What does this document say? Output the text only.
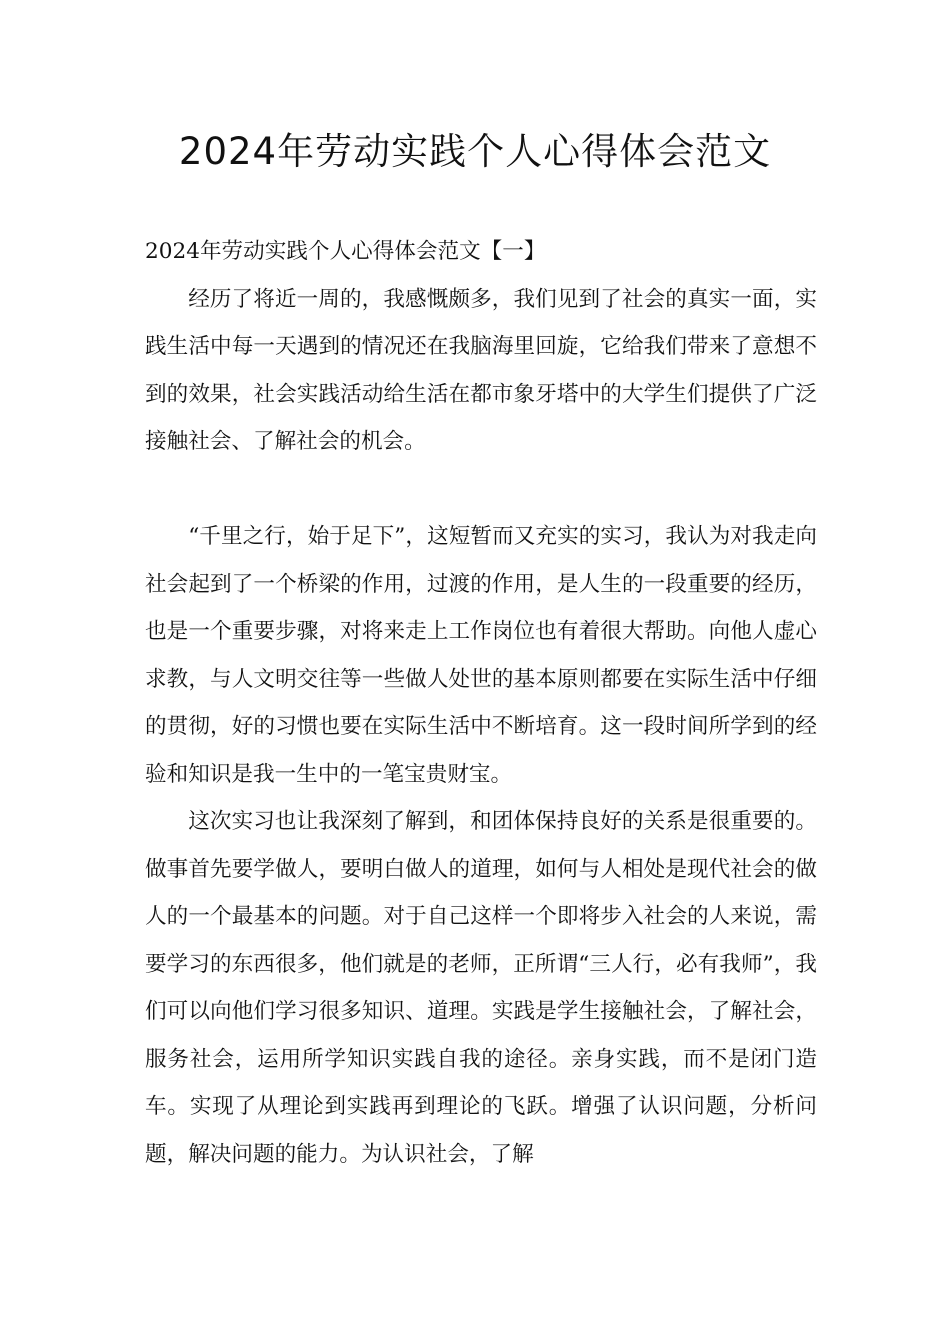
2024年劳动实践个人心得体会范文

2024年劳动实践个人心得体会范文【一】

经历了将近一周的，我感慨颇多，我们见到了社会的真实一面，实践生活中每一天遇到的情况还在我脑海里回旋，它给我们带来了意想不到的效果，社会实践活动给生活在都市象牙塔中的大学生们提供了广泛接触社会、了解社会的机会。

“千里之行，始于足下”，这短暂而又充实的实习，我认为对我走向社会起到了一个桥梁的作用，过渡的作用，是人生的一段重要的经历，也是一个重要步骤，对将来走上工作岗位也有着很大帮助。向他人虚心求教，与人文明交往等一些做人处世的基本原则都要在实际生活中仔细的贯彻，好的习惯也要在实际生活中不断培育。这一段时间所学到的经验和知识是我一生中的一笔宝贵财宝。

这次实习也让我深刻了解到，和团体保持良好的关系是很重要的。做事首先要学做人，要明白做人的道理，如何与人相处是现代社会的做人的一个最基本的问题。对于自己这样一个即将步入社会的人来说，需要学习的东西很多，他们就是的老师，正所谓“三人行，必有我师”，我们可以向他们学习很多知识、道理。实践是学生接触社会，了解社会，服务社会，运用所学知识实践自我的途径。亲身实践，而不是闭门造车。实现了从理论到实践再到理论的飞跃。增强了认识问题，分析问题，解决问题的能力。为认识社会，了解
